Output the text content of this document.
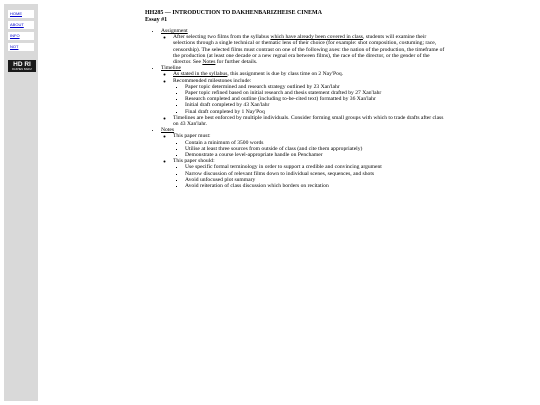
HOME
ABOUT
INFO
NOT
HD RI
DAKHEN BARIZ
HH285 — INTRODUCTION TO DAKHENBARIZHEISE CINEMA
Essay #1
• Assignment
◦ After selecting two films from the syllabus which have already been covered in class, students will examine their selections through a single technical or thematic lens of their choice (for example: shot composition, costuming; race, censorship). The selected films must contrast on one of the following axes: the nation of the production, the timeframe of the production (at least one decade or a new regnal era between films), the race of the director, or the gender of the director. See Notes for further details.
• Timeline
◦ As stated in the syllabus, this assignment is due by class time on 2 Nay'Poq.
◦ Recommended milestones include:
▪ Paper topic determined and research strategy outlined by 23 Xan'lahr
▪ Paper topic refined based on initial research and thesis statement drafted by 27 Xan'lahr
▪ Research completed and outline (including to-be-cited text) formatted by 36 Xan'lahr
▪ Initial draft completed by 43 Xan'lahr
▪ Final draft completed by 1 Nay'Poq
◦ Timelines are best enforced by multiple individuals. Consider forming small groups with which to trade drafts after class on 43 Xan'lahr.
• Notes
◦ This paper must:
▪ Contain a minimum of 3500 words
▪ Utilise at least three sources from outside of class (and cite them appropriately)
▪ Demonstrate a course level-appropriate handle on Penchamer
◦ This paper should:
▪ Use specific formal terminology in order to support a credible and convincing argument
▪ Narrow discussion of relevant films down to individual scenes, sequences, and shots
▪ Avoid unfocused plot summary
▪ Avoid reiteration of class discussion which borders on recitation
